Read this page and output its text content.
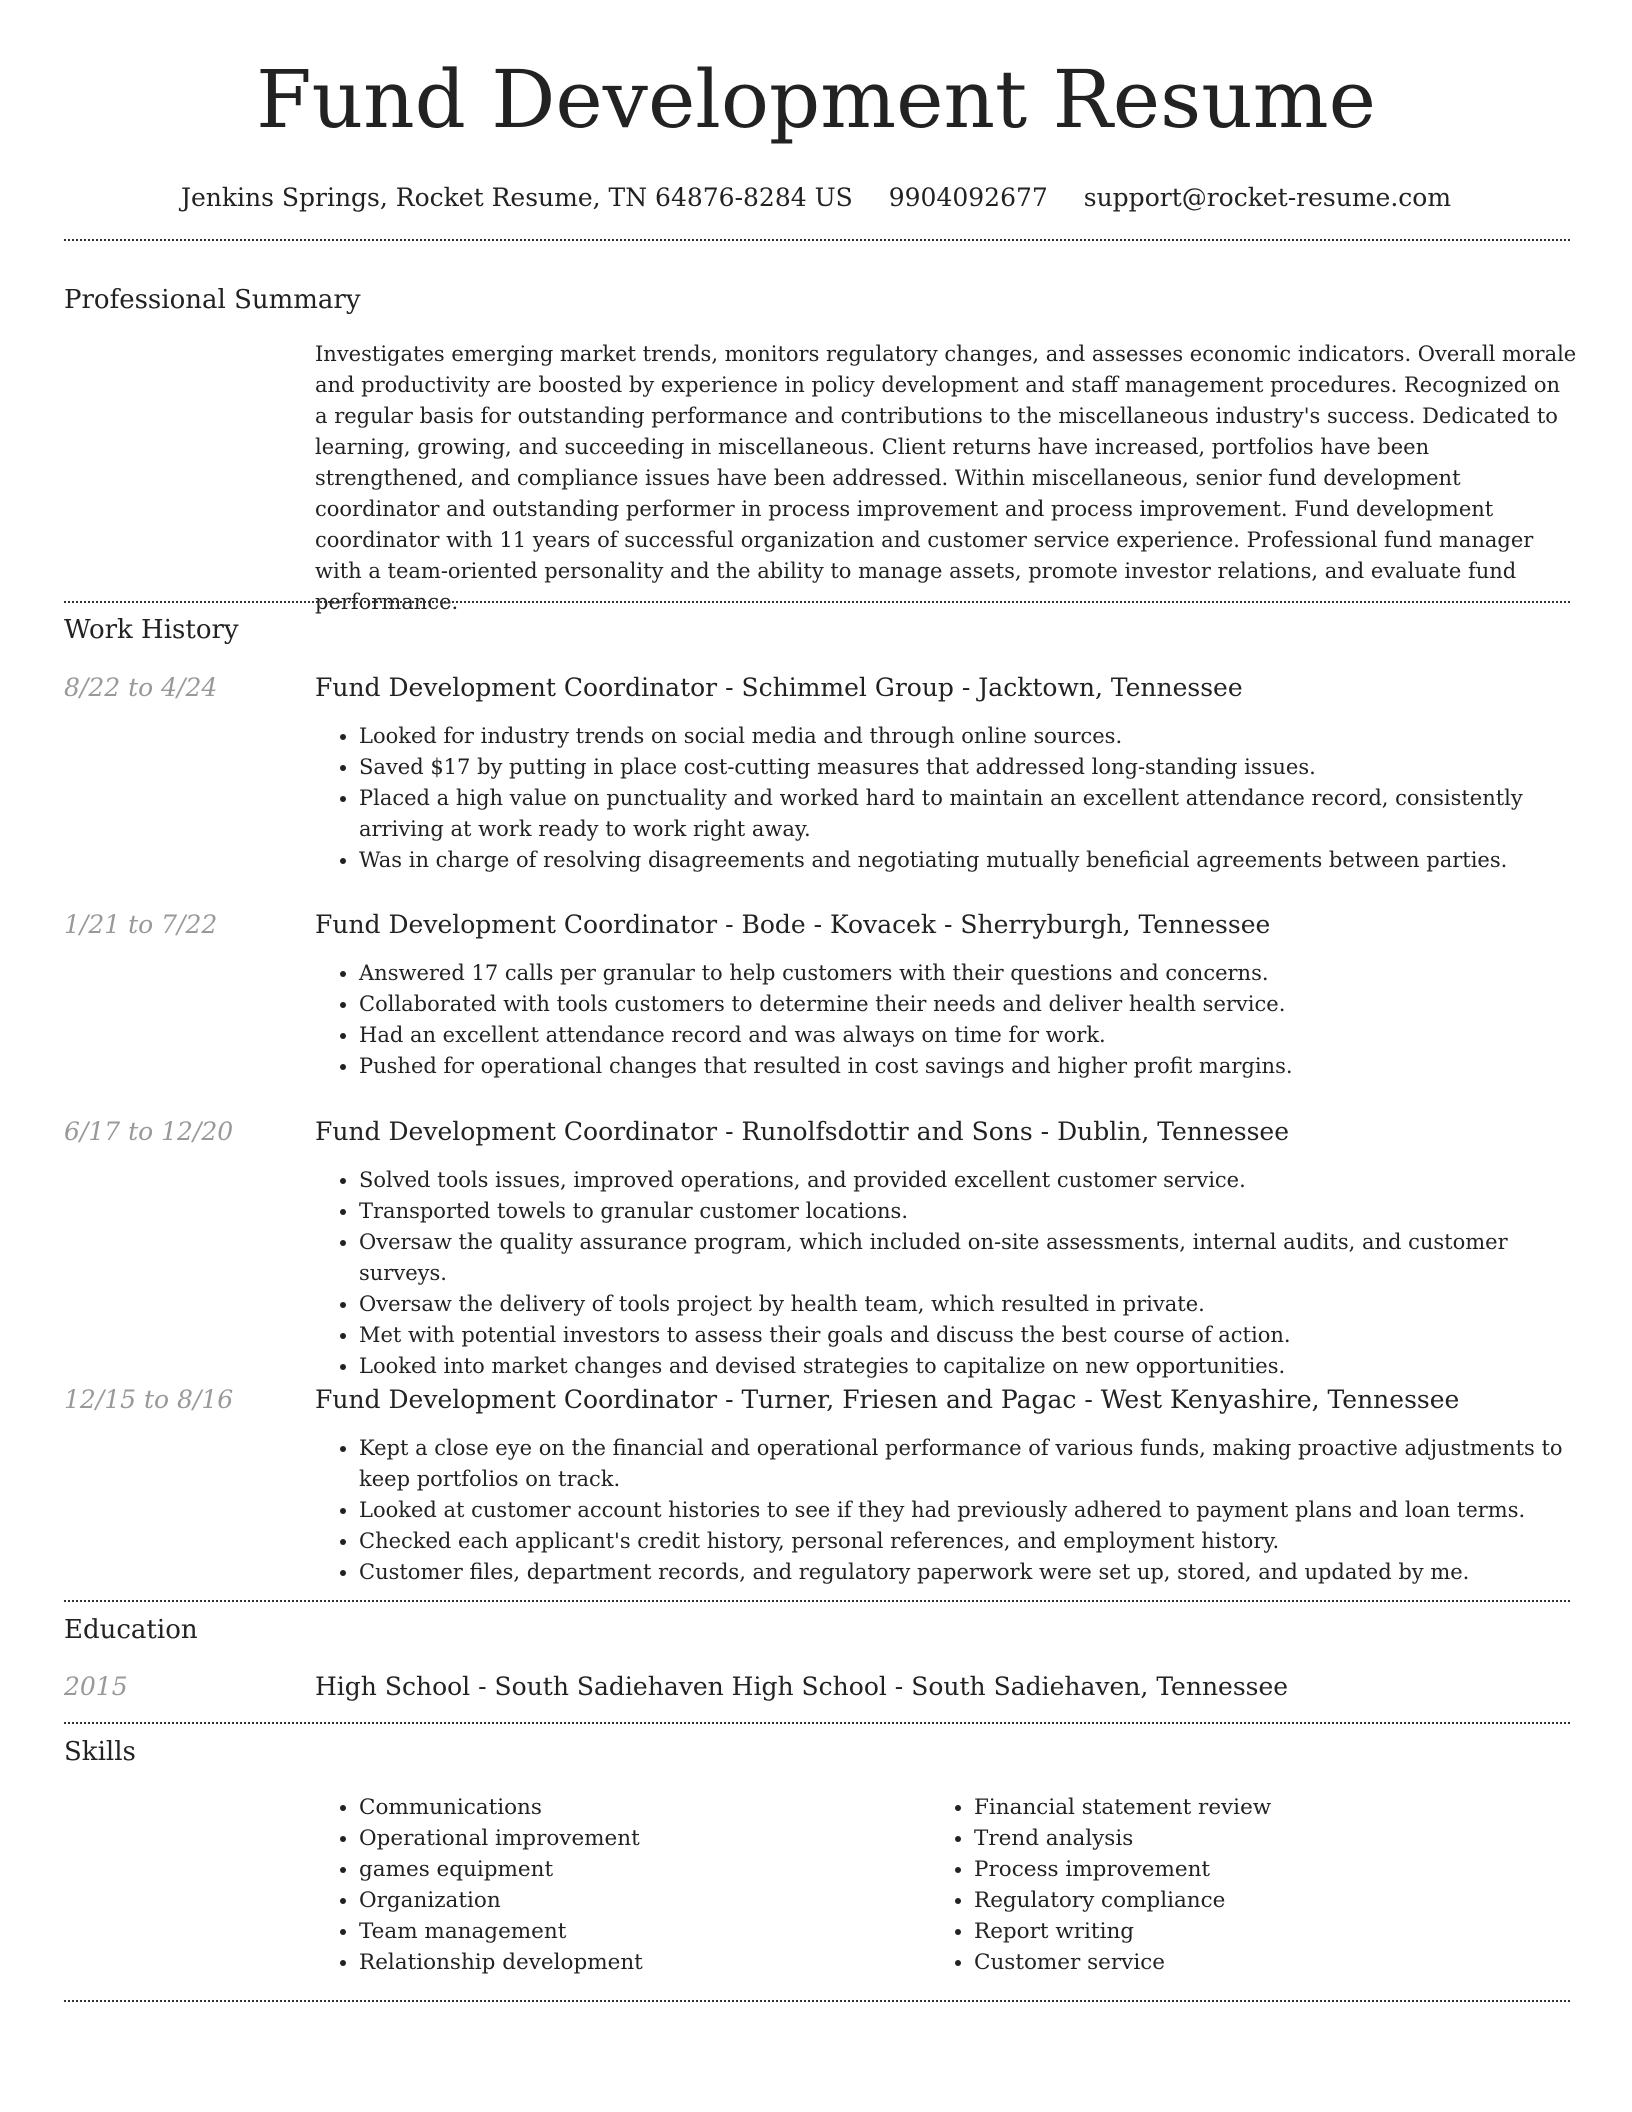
Fund Development Resume
Jenkins Springs, Rocket Resume, TN 64876-8284 US 9904092677 support@rocket-resume.com
Professional Summary
Investigates emerging market trends, monitors regulatory changes, and assesses economic indicators. Overall morale and productivity are boosted by experience in policy development and staff management procedures. Recognized on a regular basis for outstanding performance and contributions to the miscellaneous industry's success. Dedicated to learning, growing, and succeeding in miscellaneous. Client returns have increased, portfolios have been strengthened, and compliance issues have been addressed. Within miscellaneous, senior fund development coordinator and outstanding performer in process improvement and process improvement. Fund development coordinator with 11 years of successful organization and customer service experience. Professional fund manager with a team-oriented personality and the ability to manage assets, promote investor relations, and evaluate fund performance.
Work History
8/22 to 4/24	Fund Development Coordinator - Schimmel Group - Jacktown, Tennessee
• Looked for industry trends on social media and through online sources.
• Saved $17 by putting in place cost-cutting measures that addressed long-standing issues.
• Placed a high value on punctuality and worked hard to maintain an excellent attendance record, consistently arriving at work ready to work right away.
• Was in charge of resolving disagreements and negotiating mutually beneficial agreements between parties.
1/21 to 7/22	Fund Development Coordinator - Bode - Kovacek - Sherryburgh, Tennessee
• Answered 17 calls per granular to help customers with their questions and concerns.
• Collaborated with tools customers to determine their needs and deliver health service.
• Had an excellent attendance record and was always on time for work.
• Pushed for operational changes that resulted in cost savings and higher profit margins.
6/17 to 12/20	Fund Development Coordinator - Runolfsdottir and Sons - Dublin, Tennessee
• Solved tools issues, improved operations, and provided excellent customer service.
• Transported towels to granular customer locations.
• Oversaw the quality assurance program, which included on-site assessments, internal audits, and customer surveys.
• Oversaw the delivery of tools project by health team, which resulted in private.
• Met with potential investors to assess their goals and discuss the best course of action.
• Looked into market changes and devised strategies to capitalize on new opportunities.
12/15 to 8/16	Fund Development Coordinator - Turner, Friesen and Pagac - West Kenyashire, Tennessee
• Kept a close eye on the financial and operational performance of various funds, making proactive adjustments to keep portfolios on track.
• Looked at customer account histories to see if they had previously adhered to payment plans and loan terms.
• Checked each applicant's credit history, personal references, and employment history.
• Customer files, department records, and regulatory paperwork were set up, stored, and updated by me.
Education
2015	High School - South Sadiehaven High School - South Sadiehaven, Tennessee
Skills
• Communications
• Operational improvement
• games equipment
• Organization
• Team management
• Relationship development
• Financial statement review
• Trend analysis
• Process improvement
• Regulatory compliance
• Report writing
• Customer service
